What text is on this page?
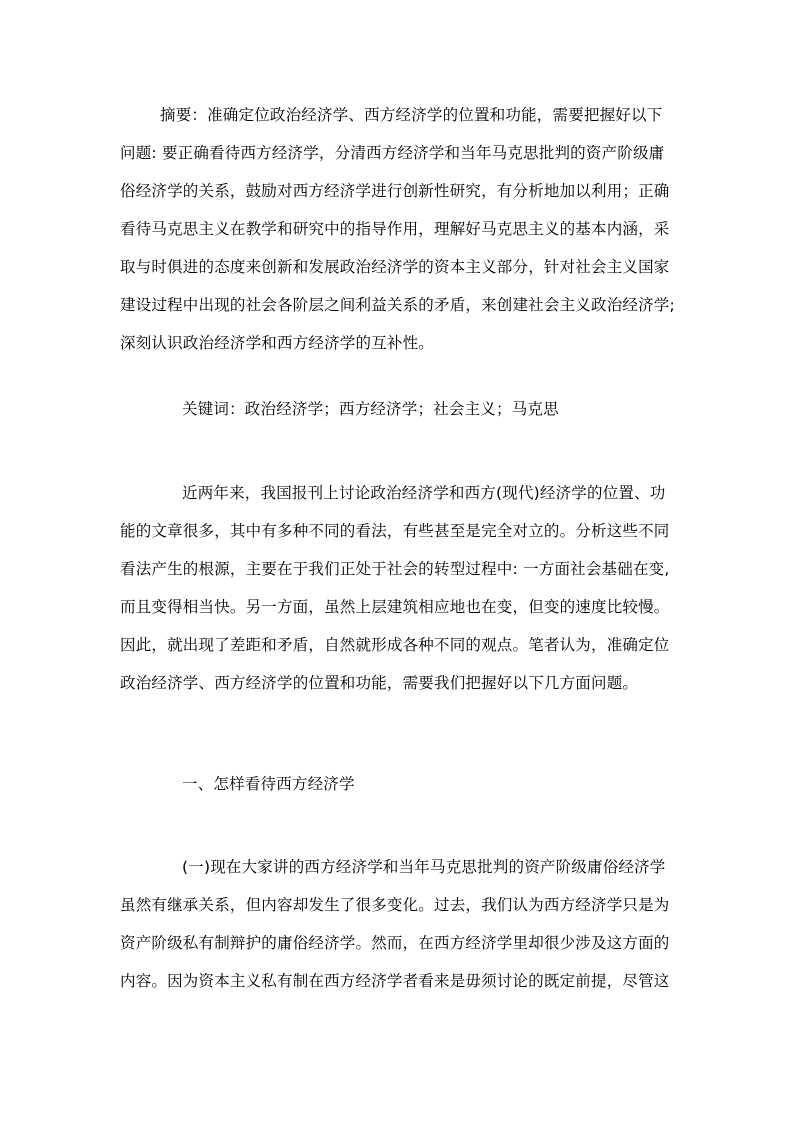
摘要：准确定位政治经济学、西方经济学的位置和功能，需要把握好以下
问题: 要正确看待西方经济学，分清西方经济学和当年马克思批判的资产阶级庸
俗经济学的关系，鼓励对西方经济学进行创新性研究，有分析地加以利用；正确
看待马克思主义在教学和研究中的指导作用，理解好马克思主义的基本内涵，采
取与时俱进的态度来创新和发展政治经济学的资本主义部分，针对社会主义国家
建设过程中出现的社会各阶层之间利益关系的矛盾，来创建社会主义政治经济学;
深刻认识政治经济学和西方经济学的互补性。
关键词：政治经济学；西方经济学；社会主义；马克思
近两年来，我国报刊上讨论政治经济学和西方(现代)经济学的位置、功
能的文章很多，其中有多种不同的看法，有些甚至是完全对立的。分析这些不同
看法产生的根源，主要在于我们正处于社会的转型过程中: 一方面社会基础在变,
而且变得相当快。另一方面，虽然上层建筑相应地也在变，但变的速度比较慢。
因此，就出现了差距和矛盾，自然就形成各种不同的观点。笔者认为，准确定位
政治经济学、西方经济学的位置和功能，需要我们把握好以下几方面问题。
一、怎样看待西方经济学
(一)现在大家讲的西方经济学和当年马克思批判的资产阶级庸俗经济学
虽然有继承关系，但内容却发生了很多变化。过去，我们认为西方经济学只是为
资产阶级私有制辩护的庸俗经济学。然而，在西方经济学里却很少涉及这方面的
内容。因为资本主义私有制在西方经济学者看来是毋须讨论的既定前提，尽管这
